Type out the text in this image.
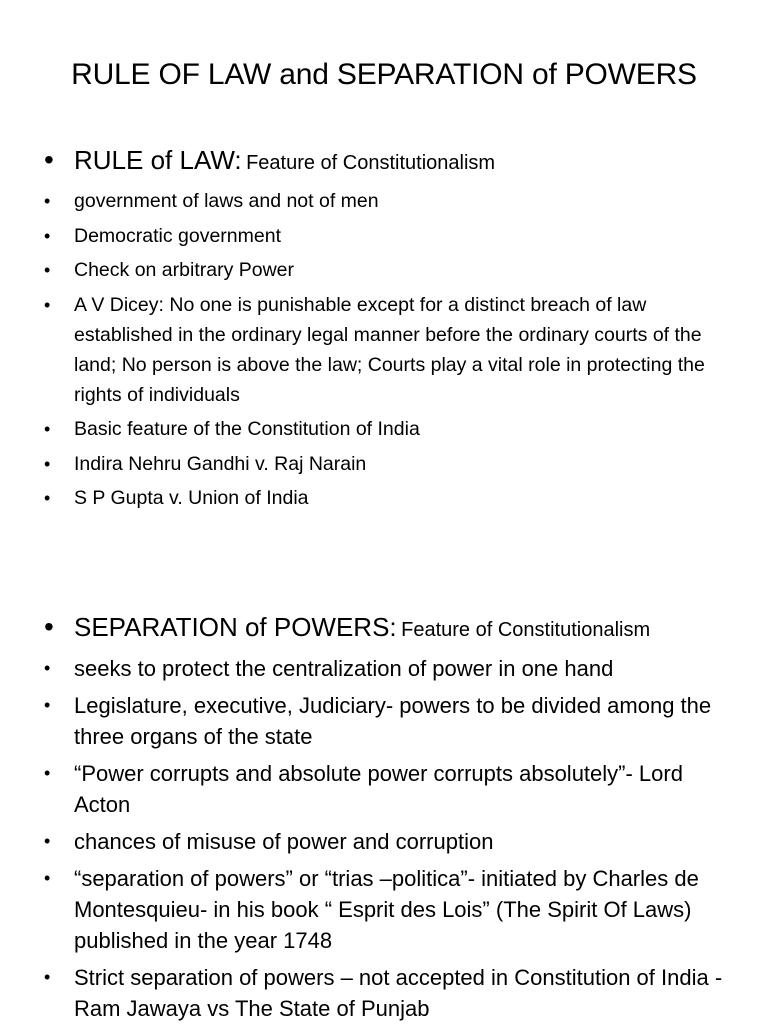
RULE OF LAW and SEPARATION of POWERS
• RULE of LAW: Feature of Constitutionalism
•	government of laws and not of men
•	Democratic government
•	Check on arbitrary Power
•	A V Dicey: No one is punishable except for a distinct breach of law established in the ordinary legal manner before the ordinary courts of the land; No person is above the law; Courts play a vital role in protecting the rights of individuals
•	Basic feature of the Constitution of India
•	Indira Nehru Gandhi v. Raj Narain
•	S P Gupta v. Union of India
• SEPARATION of POWERS: Feature of Constitutionalism
•	seeks to protect the centralization of power in one hand
•	Legislature, executive, Judiciary- powers to be divided among the three organs of the state
•	“Power corrupts and absolute power corrupts absolutely”- Lord Acton
•	chances of misuse of power and corruption
•	“separation of powers” or “trias –politica”- initiated by Charles de Montesquieu- in his book “ Esprit des Lois” (The Spirit Of Laws) published in the year 1748
•	Strict separation of powers – not accepted in Constitution of India - Ram Jawaya vs The State of Punjab
